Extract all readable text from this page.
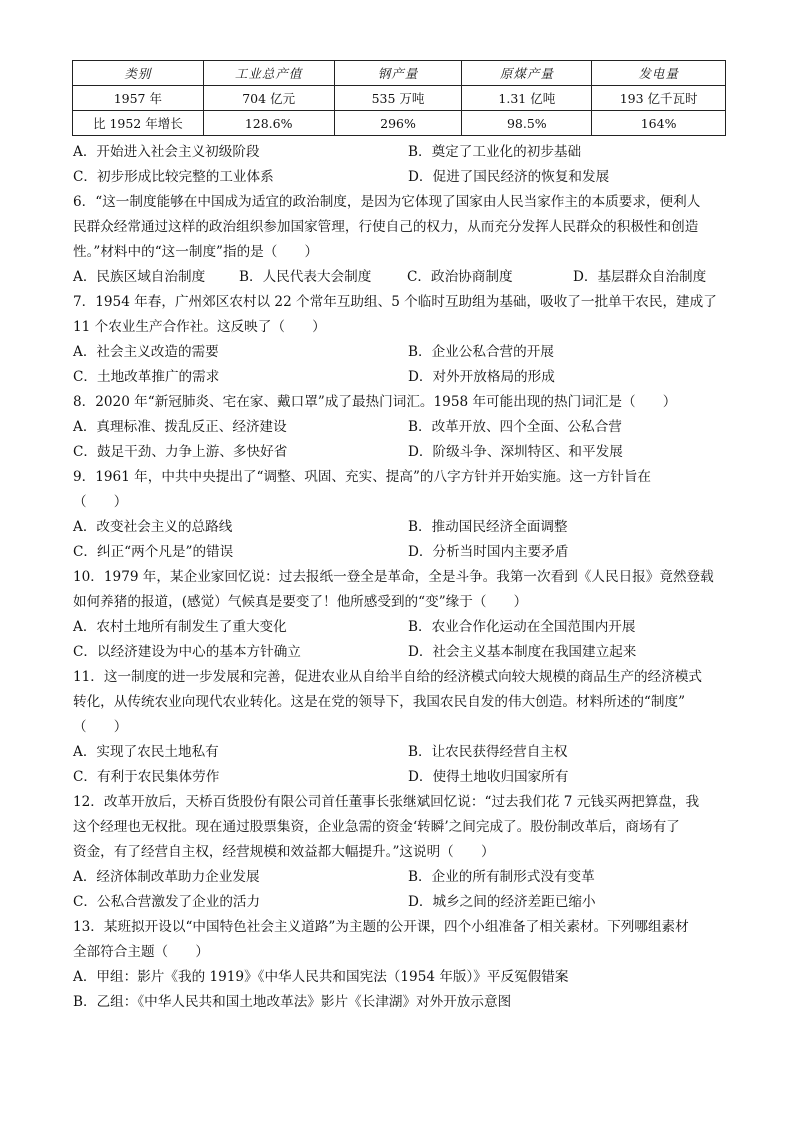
类别	工业总产值	钢产量	原煤产量	发电量
1957 年	704 亿元	535 万吨	1.31 亿吨	193 亿千瓦时
比 1952 年增长	128.6%	296%	98.5%	164%
A．开始进入社会主义初级阶段	B．奠定了工业化的初步基础
C．初步形成比较完整的工业体系	D．促进了国民经济的恢复和发展
6．“这一制度能够在中国成为适宜的政治制度，是因为它体现了国家由人民当家作主的本质要求，便利人
民群众经常通过这样的政治组织参加国家管理，行使自己的权力，从而充分发挥人民群众的积极性和创造
性。”材料中的“这一制度”指的是（　　）
A．民族区域自治制度	B．人民代表大会制度	C．政治协商制度	D．基层群众自治制度
7．1954 年春，广州郊区农村以 22 个常年互助组、5 个临时互助组为基础，吸收了一批单干农民，建成了
11 个农业生产合作社。这反映了（　　）
A．社会主义改造的需要	B．企业公私合营的开展
C．土地改革推广的需求	D．对外开放格局的形成
8．2020 年“新冠肺炎、宅在家、戴口罩”成了最热门词汇。1958 年可能出现的热门词汇是（　　）
A．真理标准、拨乱反正、经济建设	B．改革开放、四个全面、公私合营
C．鼓足干劲、力争上游、多快好省	D．阶级斗争、深圳特区、和平发展
9．1961 年，中共中央提出了“调整、巩固、充实、提高”的八字方针并开始实施。这一方针旨在
（　　）
A．改变社会主义的总路线	B．推动国民经济全面调整
C．纠正“两个凡是”的错误	D．分析当时国内主要矛盾
10．1979 年，某企业家回忆说：过去报纸一登全是革命，全是斗争。我第一次看到《人民日报》竟然登载
如何养猪的报道，(感觉）气候真是要变了！他所感受到的“变”缘于（　　）
A．农村土地所有制发生了重大变化	B．农业合作化运动在全国范围内开展
C．以经济建设为中心的基本方针确立	D．社会主义基本制度在我国建立起来
11．这一制度的进一步发展和完善，促进农业从自给半自给的经济模式向较大规模的商品生产的经济模式
转化，从传统农业向现代农业转化。这是在党的领导下，我国农民自发的伟大创造。材料所述的“制度”
（　　）
A．实现了农民土地私有	B．让农民获得经营自主权
C．有利于农民集体劳作	D．使得土地收归国家所有
12．改革开放后，天桥百货股份有限公司首任董事长张继斌回忆说：“过去我们花 7 元钱买两把算盘，我
这个经理也无权批。现在通过股票集资，企业急需的资金‘转瞬’之间完成了。股份制改革后，商场有了
资金，有了经营自主权，经营规模和效益都大幅提升。”这说明（　　）
A．经济体制改革助力企业发展	B．企业的所有制形式没有变革
C．公私合营激发了企业的活力	D．城乡之间的经济差距已缩小
13．某班拟开设以“中国特色社会主义道路”为主题的公开课，四个小组准备了相关素材。下列哪组素材
全部符合主题（　　）
A．甲组：影片《我的 1919》《中华人民共和国宪法（1954 年版）》平反冤假错案
B．乙组：《中华人民共和国土地改革法》影片《长津湖》对外开放示意图
